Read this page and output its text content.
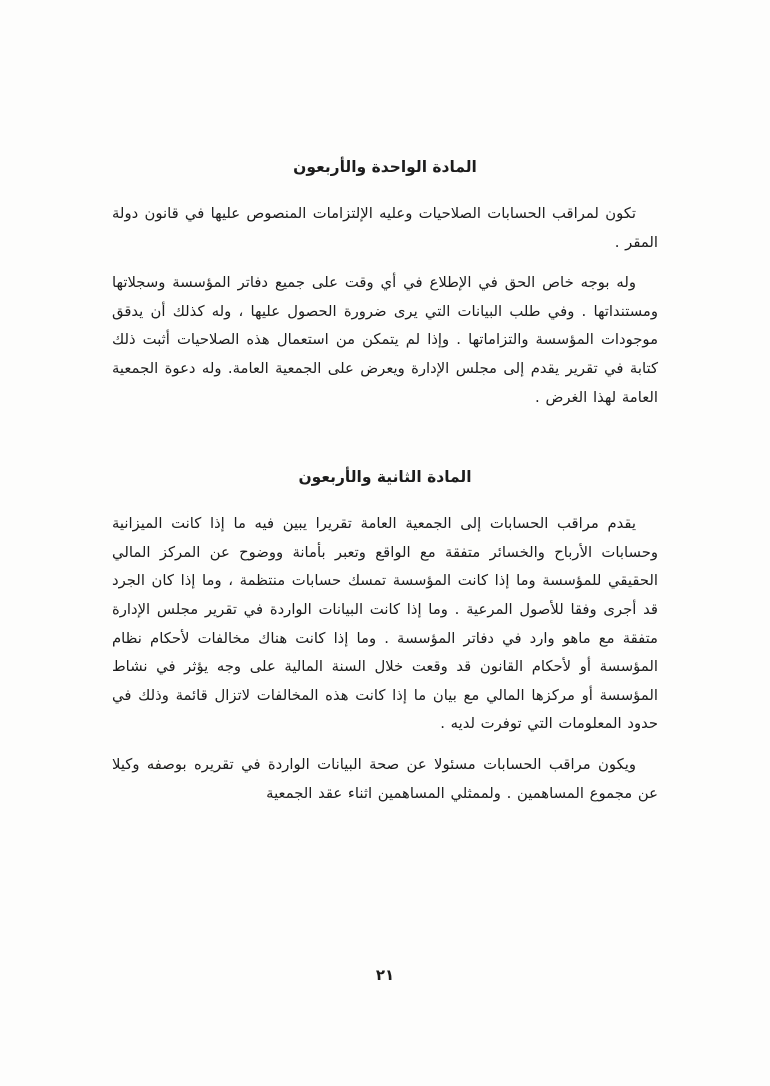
المادة الواحدة والأربعون

تكون لمراقب الحسابات الصلاحيات وعليه الإلتزامات المنصوص عليها في قانون دولة المقر .

وله بوجه خاص الحق في الإطلاع في أي وقت على جميع دفاتر المؤسسة وسجلاتها ومستنداتها . وفي طلب البيانات التي يرى ضرورة الحصول عليها ، وله كذلك أن يدقق موجودات المؤسسة والتزاماتها . وإذا لم يتمكن من استعمال هذه الصلاحيات أثبت ذلك كتابة في تقرير يقدم إلى مجلس الإدارة ويعرض على الجمعية العامة. وله دعوة الجمعية العامة لهذا الغرض .

المادة الثانية والأربعون

يقدم مراقب الحسابات إلى الجمعية العامة تقريرا يبين فيه ما إذا كانت الميزانية وحسابات الأرباح والخسائر متفقة مع الواقع وتعبر بأمانة ووضوح عن المركز المالي الحقيقي للمؤسسة وما إذا كانت المؤسسة تمسك حسابات منتظمة ، وما إذا كان الجرد قد أجرى وفقا للأصول المرعية . وما إذا كانت البيانات الواردة في تقرير مجلس الإدارة متفقة مع ماهو وارد في دفاتر المؤسسة . وما إذا كانت هناك مخالفات لأحكام نظام المؤسسة أو لأحكام القانون قد وقعت خلال السنة المالية على وجه يؤثر في نشاط المؤسسة أو مركزها المالي مع بيان ما إذا كانت هذه المخالفات لاتزال قائمة وذلك في حدود المعلومات التي توفرت لديه .

ويكون مراقب الحسابات مسئولا عن صحة البيانات الواردة في تقريره بوصفه وكيلا عن مجموع المساهمين . ولممثلي المساهمين اثناء عقد الجمعية

٢١
